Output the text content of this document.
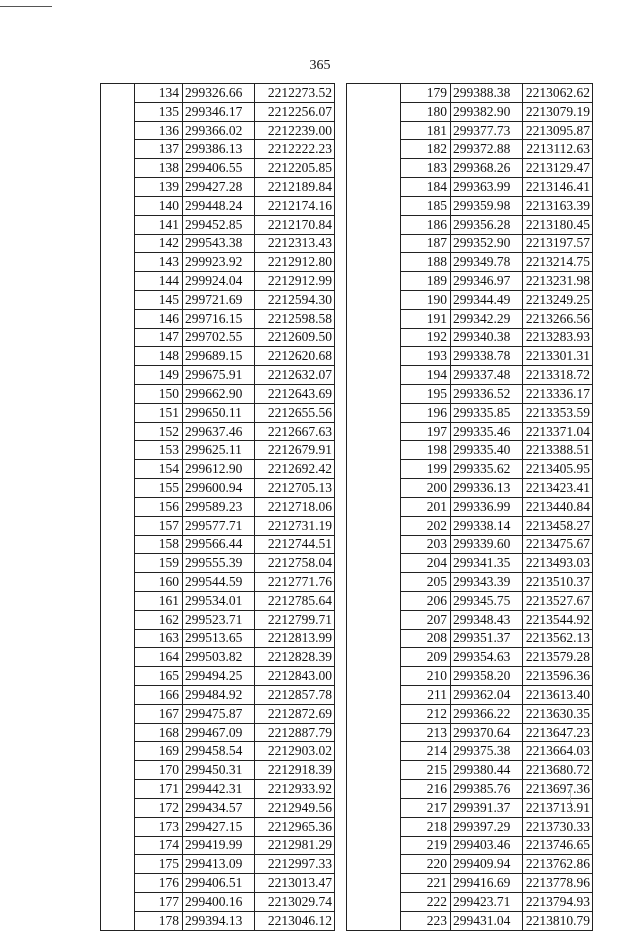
365
	134	299326.66	2212273.52
	135	299346.17	2212256.07
	136	299366.02	2212239.00
	137	299386.13	2212222.23
	138	299406.55	2212205.85
	139	299427.28	2212189.84
	140	299448.24	2212174.16
	141	299452.85	2212170.84
	142	299543.38	2212313.43
	143	299923.92	2212912.80
	144	299924.04	2212912.99
	145	299721.69	2212594.30
	146	299716.15	2212598.58
	147	299702.55	2212609.50
	148	299689.15	2212620.68
	149	299675.91	2212632.07
	150	299662.90	2212643.69
	151	299650.11	2212655.56
	152	299637.46	2212667.63
	153	299625.11	2212679.91
	154	299612.90	2212692.42
	155	299600.94	2212705.13
	156	299589.23	2212718.06
	157	299577.71	2212731.19
	158	299566.44	2212744.51
	159	299555.39	2212758.04
	160	299544.59	2212771.76
	161	299534.01	2212785.64
	162	299523.71	2212799.71
	163	299513.65	2212813.99
	164	299503.82	2212828.39
	165	299494.25	2212843.00
	166	299484.92	2212857.78
	167	299475.87	2212872.69
	168	299467.09	2212887.79
	169	299458.54	2212903.02
	170	299450.31	2212918.39
	171	299442.31	2212933.92
	172	299434.57	2212949.56
	173	299427.15	2212965.36
	174	299419.99	2212981.29
	175	299413.09	2212997.33
	176	299406.51	2213013.47
	177	299400.16	2213029.74
	178	299394.13	2213046.12
	179	299388.38	2213062.62
	180	299382.90	2213079.19
	181	299377.73	2213095.87
	182	299372.88	2213112.63
	183	299368.26	2213129.47
	184	299363.99	2213146.41
	185	299359.98	2213163.39
	186	299356.28	2213180.45
	187	299352.90	2213197.57
	188	299349.78	2213214.75
	189	299346.97	2213231.98
	190	299344.49	2213249.25
	191	299342.29	2213266.56
	192	299340.38	2213283.93
	193	299338.78	2213301.31
	194	299337.48	2213318.72
	195	299336.52	2213336.17
	196	299335.85	2213353.59
	197	299335.46	2213371.04
	198	299335.40	2213388.51
	199	299335.62	2213405.95
	200	299336.13	2213423.41
	201	299336.99	2213440.84
	202	299338.14	2213458.27
	203	299339.60	2213475.67
	204	299341.35	2213493.03
	205	299343.39	2213510.37
	206	299345.75	2213527.67
	207	299348.43	2213544.92
	208	299351.37	2213562.13
	209	299354.63	2213579.28
	210	299358.20	2213596.36
	211	299362.04	2213613.40
	212	299366.22	2213630.35
	213	299370.64	2213647.23
	214	299375.38	2213664.03
	215	299380.44	2213680.72
	216	299385.76	2213697.36
	217	299391.37	2213713.91
	218	299397.29	2213730.33
	219	299403.46	2213746.65
	220	299409.94	2213762.86
	221	299416.69	2213778.96
	222	299423.71	2213794.93
	223	299431.04	2213810.79
